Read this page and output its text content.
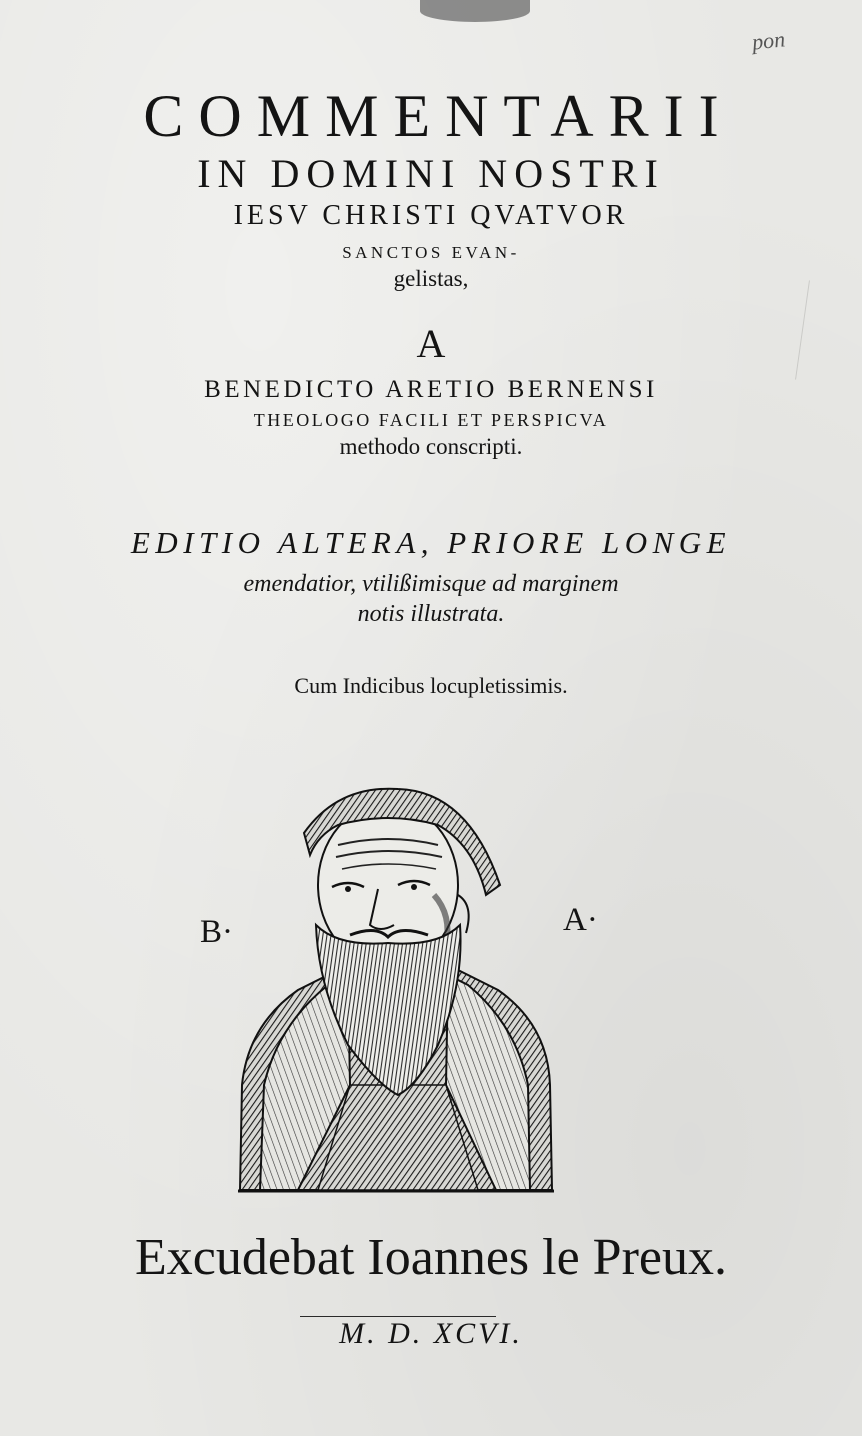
pon
COMMENTARII
IN DOMINI NOSTRI
IESV CHRISTI QVATVOR
SANCTOS EVAN-
gelistas,
A
BENEDICTO ARETIO BERNENSI
THEOLOGO FACILI ET PERSPICVA
methodo conscripti.
EDITIO ALTERA, PRIORE LONGE
emendatior, vtilißimisque ad marginem
notis illustrata.
Cum Indicibus locupletissimis.
B·	A·
Excudebat Ioannes le Preux.
M. D. XCVI.
